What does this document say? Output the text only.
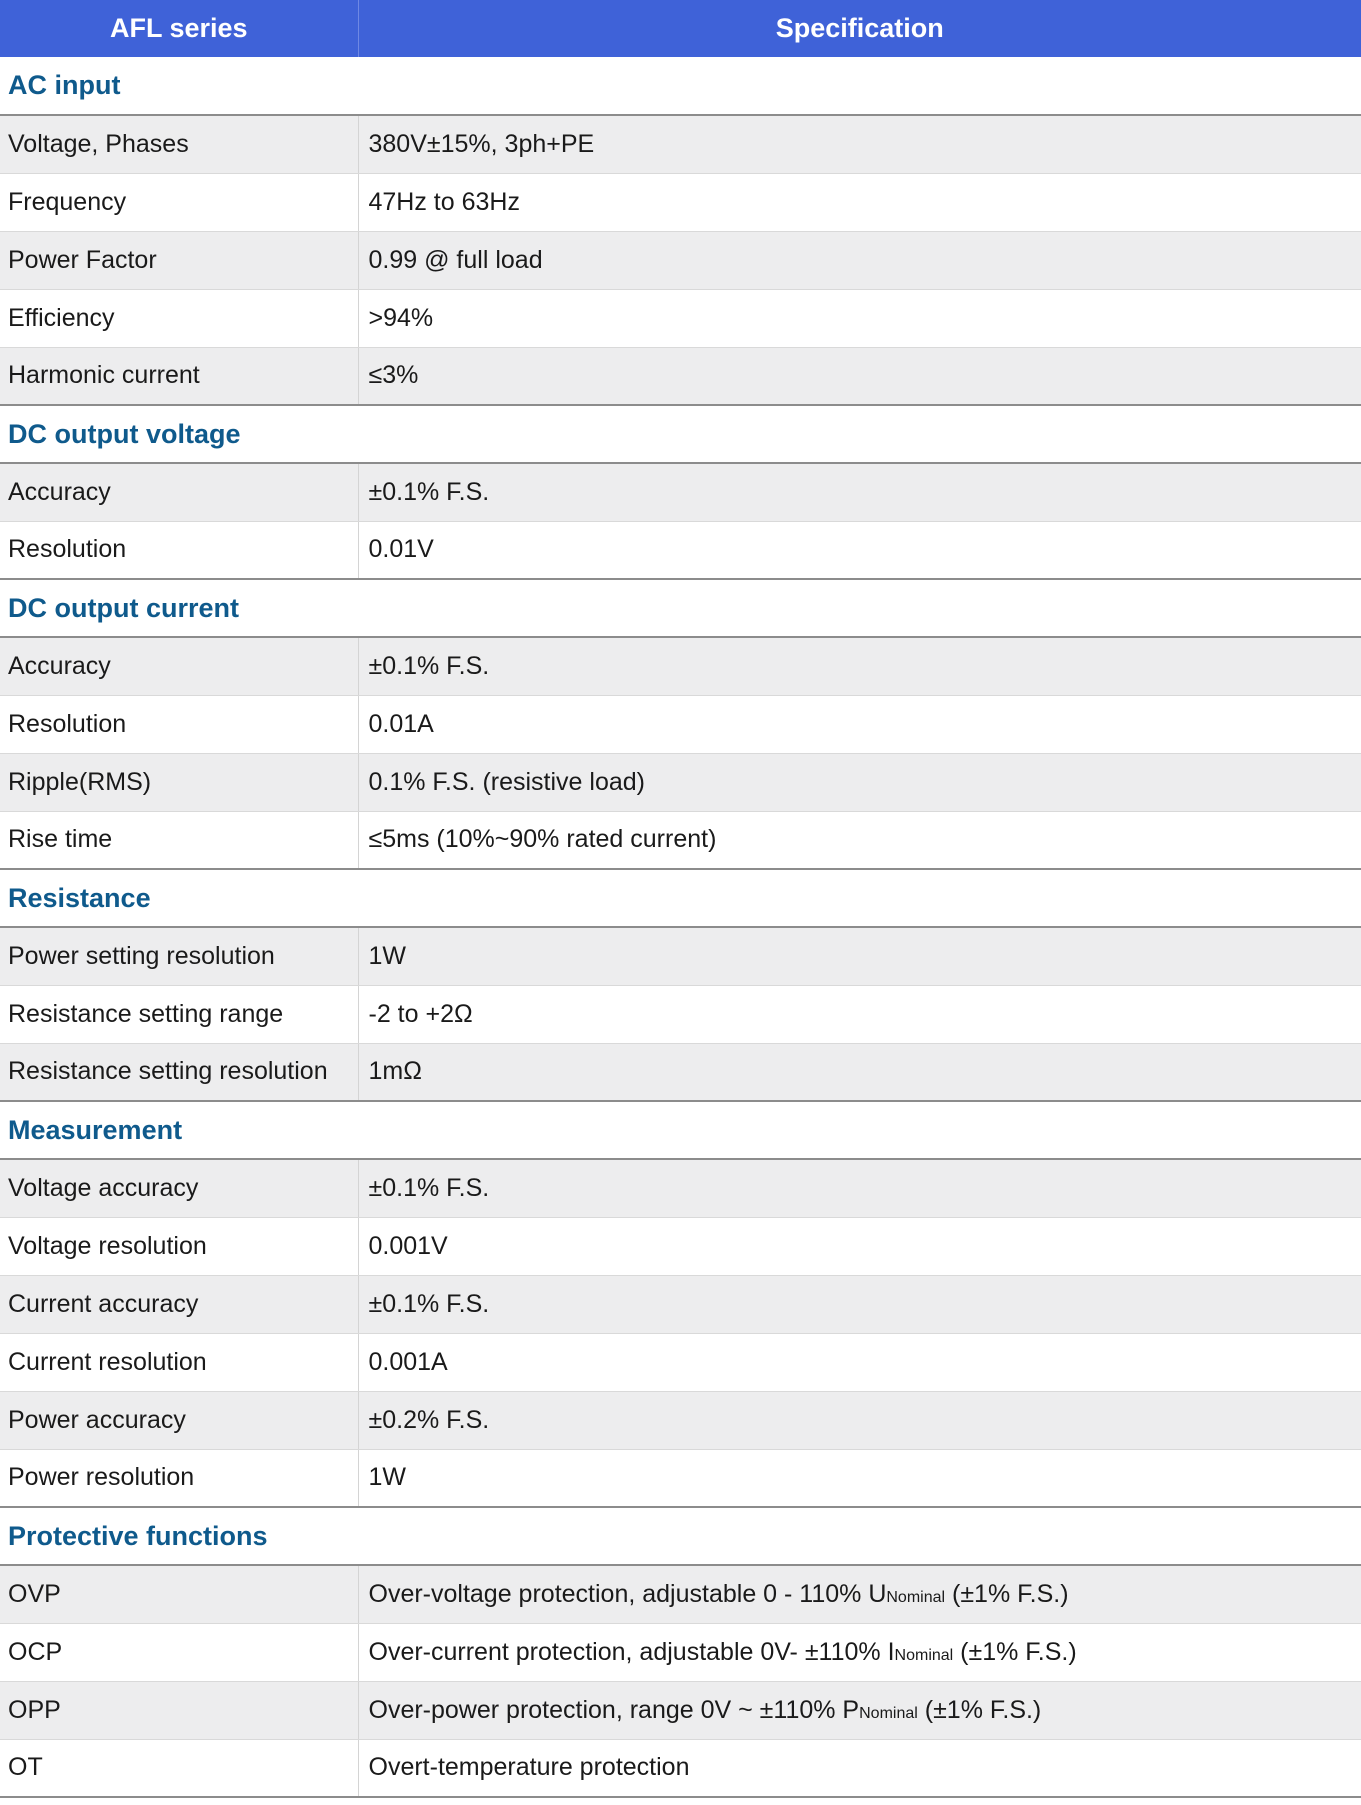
AFL series	Specification
AC input	
Voltage, Phases	380V±15%, 3ph+PE
Frequency	47Hz to 63Hz
Power Factor	0.99 @ full load
Efficiency	>94%
Harmonic current	≤3%
DC output voltage	
Accuracy	±0.1% F.S.
Resolution	0.01V
DC output current	
Accuracy	±0.1% F.S.
Resolution	0.01A
Ripple(RMS)	0.1% F.S. (resistive load)
Rise time	≤5ms (10%~90% rated current)
Resistance	
Power setting resolution	1W
Resistance setting range	-2 to +2Ω
Resistance setting resolution	1mΩ
Measurement	
Voltage accuracy	±0.1% F.S.
Voltage resolution	0.001V
Current accuracy	±0.1% F.S.
Current resolution	0.001A
Power accuracy	±0.2% F.S.
Power resolution	1W
Protective functions	
OVP	Over-voltage protection, adjustable 0 - 110% UNominal (±1% F.S.)
OCP	Over-current protection, adjustable 0V- ±110% INominal (±1% F.S.)
OPP	Over-power protection, range 0V ~ ±110% PNominal (±1% F.S.)
OT	Overt-temperature protection
